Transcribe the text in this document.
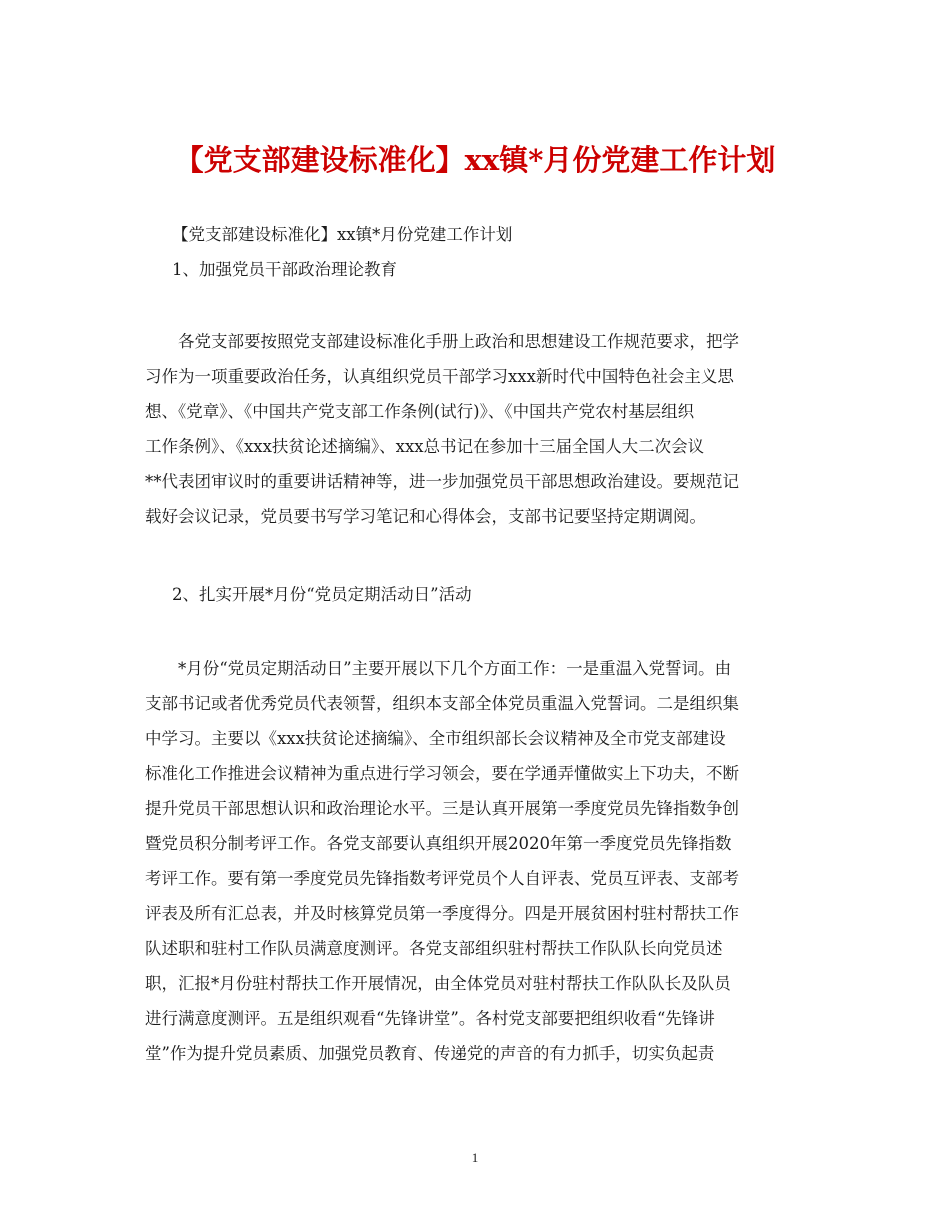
【党支部建设标准化】xx镇*月份党建工作计划
【党支部建设标准化】xx镇*月份党建工作计划
1、加强党员干部政治理论教育
各党支部要按照党支部建设标准化手册上政治和思想建设工作规范要求，把学
习作为一项重要政治任务，认真组织党员干部学习xxx新时代中国特色社会主义思
想、《党章》、《中国共产党支部工作条例(试行)》、《中国共产党农村基层组织
工作条例》、《xxx扶贫论述摘编》、xxx总书记在参加十三届全国人大二次会议
**代表团审议时的重要讲话精神等，进一步加强党员干部思想政治建设。要规范记
载好会议记录，党员要书写学习笔记和心得体会，支部书记要坚持定期调阅。
2、扎实开展*月份“党员定期活动日”活动
*月份“党员定期活动日”主要开展以下几个方面工作：一是重温入党誓词。由
支部书记或者优秀党员代表领誓，组织本支部全体党员重温入党誓词。二是组织集
中学习。主要以《xxx扶贫论述摘编》、全市组织部长会议精神及全市党支部建设
标准化工作推进会议精神为重点进行学习领会，要在学通弄懂做实上下功夫，不断
提升党员干部思想认识和政治理论水平。三是认真开展第一季度党员先锋指数争创
暨党员积分制考评工作。各党支部要认真组织开展2020年第一季度党员先锋指数
考评工作。要有第一季度党员先锋指数考评党员个人自评表、党员互评表、支部考
评表及所有汇总表，并及时核算党员第一季度得分。四是开展贫困村驻村帮扶工作
队述职和驻村工作队员满意度测评。各党支部组织驻村帮扶工作队队长向党员述
职，汇报*月份驻村帮扶工作开展情况，由全体党员对驻村帮扶工作队队长及队员
进行满意度测评。五是组织观看“先锋讲堂”。各村党支部要把组织收看“先锋讲
堂”作为提升党员素质、加强党员教育、传递党的声音的有力抓手，切实负起责
1
